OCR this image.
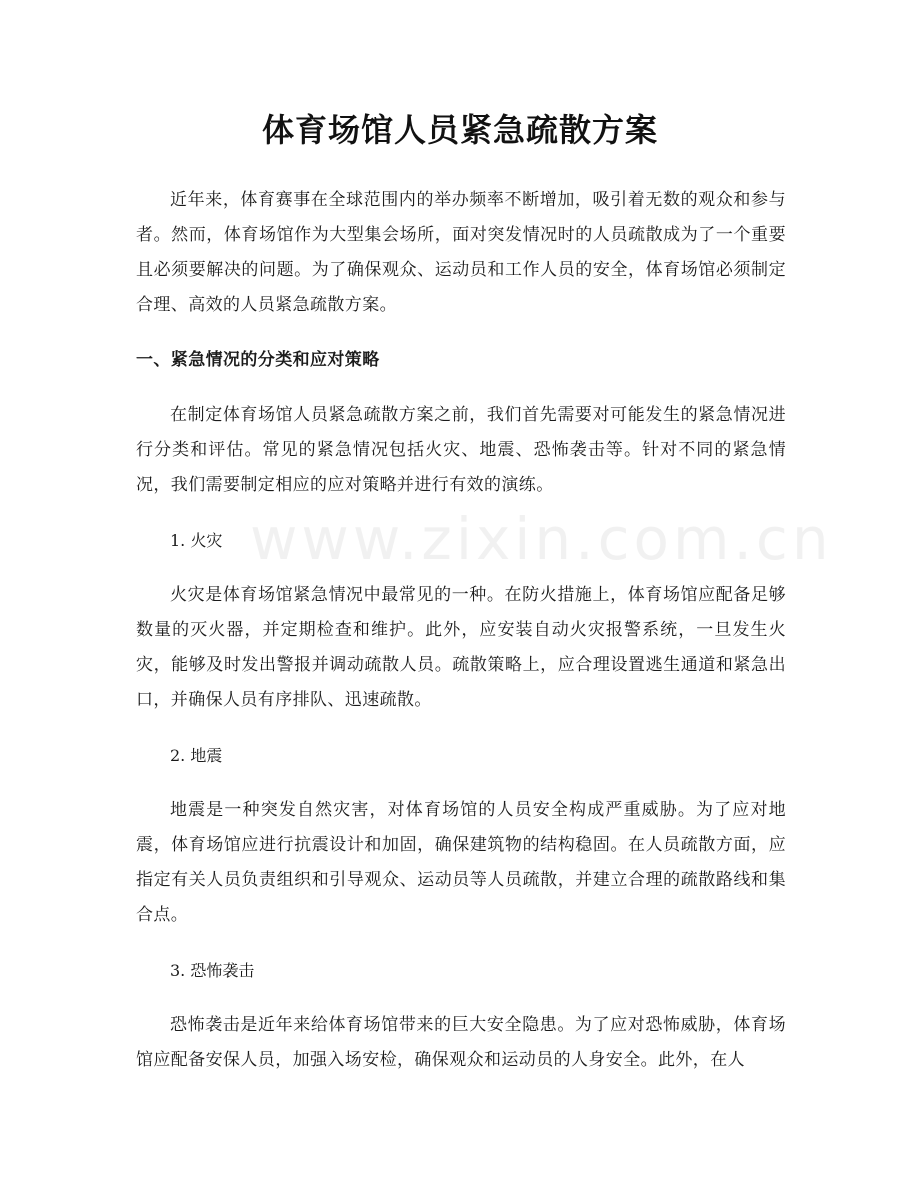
体育场馆人员紧急疏散方案

近年来，体育赛事在全球范围内的举办频率不断增加，吸引着无数的观众和参与者。然而，体育场馆作为大型集会场所，面对突发情况时的人员疏散成为了一个重要且必须要解决的问题。为了确保观众、运动员和工作人员的安全，体育场馆必须制定合理、高效的人员紧急疏散方案。

一、紧急情况的分类和应对策略

在制定体育场馆人员紧急疏散方案之前，我们首先需要对可能发生的紧急情况进行分类和评估。常见的紧急情况包括火灾、地震、恐怖袭击等。针对不同的紧急情况，我们需要制定相应的应对策略并进行有效的演练。

1. 火灾

火灾是体育场馆紧急情况中最常见的一种。在防火措施上，体育场馆应配备足够数量的灭火器，并定期检查和维护。此外，应安装自动火灾报警系统，一旦发生火灾，能够及时发出警报并调动疏散人员。疏散策略上，应合理设置逃生通道和紧急出口，并确保人员有序排队、迅速疏散。

2. 地震

地震是一种突发自然灾害，对体育场馆的人员安全构成严重威胁。为了应对地震，体育场馆应进行抗震设计和加固，确保建筑物的结构稳固。在人员疏散方面，应指定有关人员负责组织和引导观众、运动员等人员疏散，并建立合理的疏散路线和集合点。

3. 恐怖袭击

恐怖袭击是近年来给体育场馆带来的巨大安全隐患。为了应对恐怖威胁，体育场馆应配备安保人员，加强入场安检，确保观众和运动员的人身安全。此外，在人

www.zixin.com.cn
